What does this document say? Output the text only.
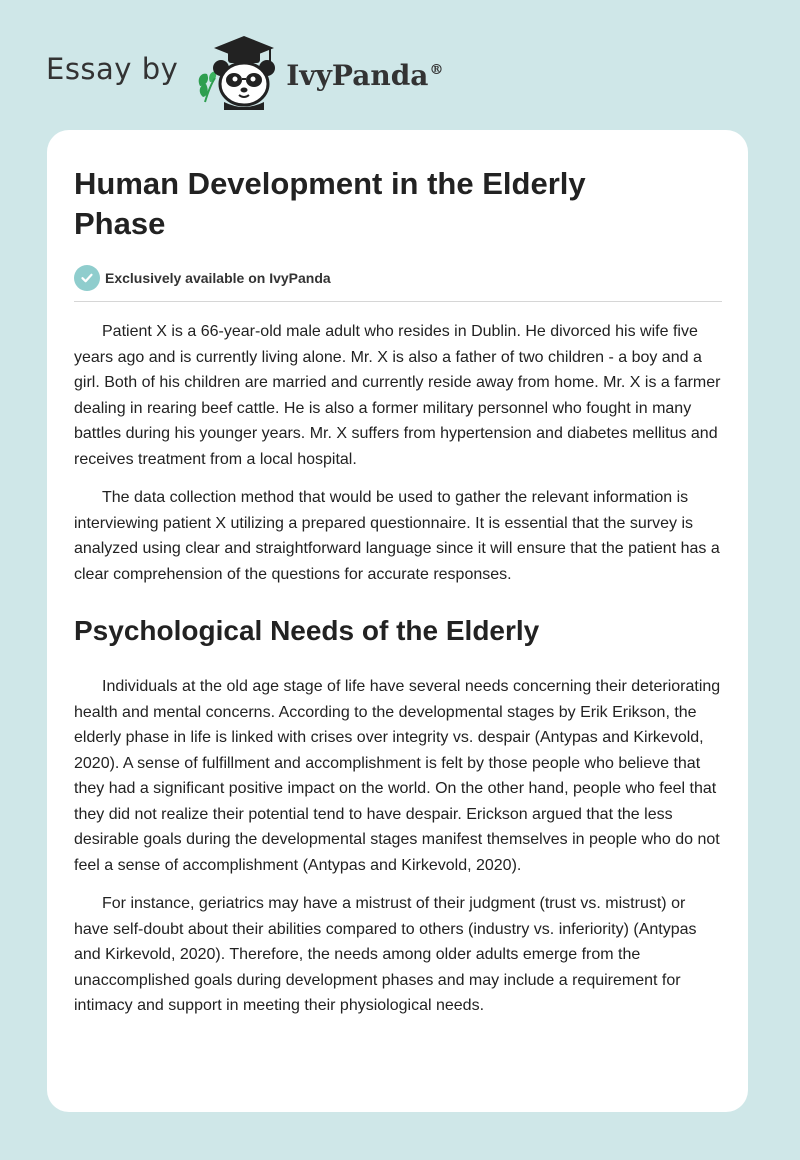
Essay by	IvyPanda®
Human Development in the Elderly Phase
Exclusively available on IvyPanda

Patient X is a 66-year-old male adult who resides in Dublin. He divorced his wife five years ago and is currently living alone. Mr. X is also a father of two children - a boy and a girl. Both of his children are married and currently reside away from home. Mr. X is a farmer dealing in rearing beef cattle. He is also a former military personnel who fought in many battles during his younger years. Mr. X suffers from hypertension and diabetes mellitus and receives treatment from a local hospital.

The data collection method that would be used to gather the relevant information is interviewing patient X utilizing a prepared questionnaire. It is essential that the survey is analyzed using clear and straightforward language since it will ensure that the patient has a clear comprehension of the questions for accurate responses.

Psychological Needs of the Elderly

Individuals at the old age stage of life have several needs concerning their deteriorating health and mental concerns. According to the developmental stages by Erik Erikson, the elderly phase in life is linked with crises over integrity vs. despair (Antypas and Kirkevold, 2020). A sense of fulfillment and accomplishment is felt by those people who believe that they had a significant positive impact on the world. On the other hand, people who feel that they did not realize their potential tend to have despair. Erickson argued that the less desirable goals during the developmental stages manifest themselves in people who do not feel a sense of accomplishment (Antypas and Kirkevold, 2020).

For instance, geriatrics may have a mistrust of their judgment (trust vs. mistrust) or have self-doubt about their abilities compared to others (industry vs. inferiority) (Antypas and Kirkevold, 2020). Therefore, the needs among older adults emerge from the unaccomplished goals during development phases and may include a requirement for intimacy and support in meeting their physiological needs.
